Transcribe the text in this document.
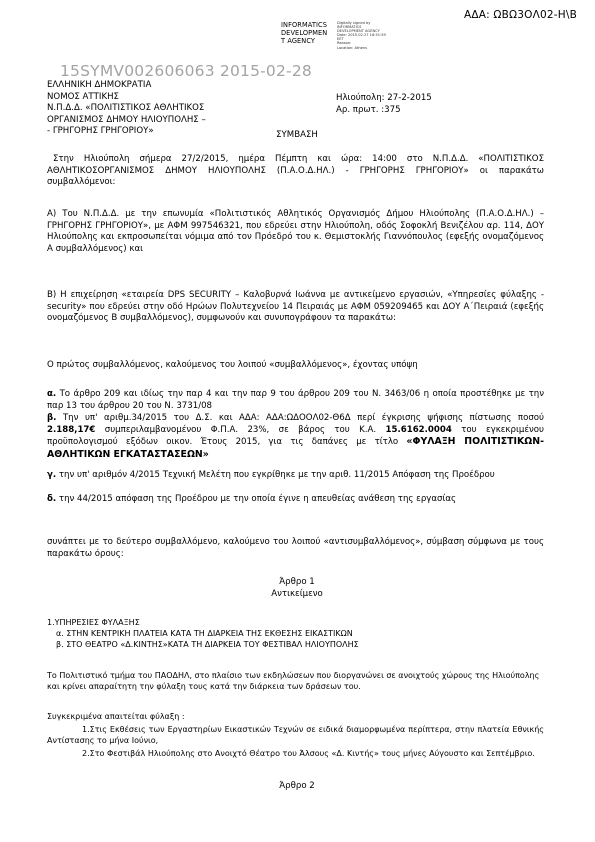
ΑΔΑ: ΩΒΩ3ΟΛ02-Η\Β
INFORMATICS
DEVELOPMEN
T AGENCY
Digitally signed by
INFORMATICS
DEVELOPMENT AGENCY
Date: 2015.02.27 16:51:59
EET
Reason:
Location: Athens
ΕΛΛΗΝΙΚΗ ΔΗΜΟΚΡΑΤΙΑ
ΝΟΜΟΣ ΑΤΤΙΚΗΣ
Ν.Π.Δ.Δ. «ΠΟΛΙΤΙΣΤΙΚΟΣ ΑΘΛΗΤΙΚΟΣ
ΟΡΓΑΝΙΣΜΟΣ ΔΗΜΟΥ ΗΛΙΟΥΠΟΛΗΣ –
- ΓΡΗΓΟΡΗΣ ΓΡΗΓΟΡΙΟΥ»
15SYMV002606063 2015-02-28
Ηλιούπολη: 27-2-2015
Αρ. πρωτ. :375
ΣΥΜΒΑΣΗ
Στην Ηλιούπολη σήμερα 27/2/2015, ημέρα Πέμπτη και ώρα: 14:00 στο Ν.Π.Δ.Δ. «ΠΟΛΙΤΙΣΤΙΚΟΣ ΑΘΛΗΤΙΚΟΣΟΡΓΑΝΙΣΜΟΣ ΔΗΜΟΥ ΗΛΙΟΥΠΟΛΗΣ (Π.Α.Ο.Δ.ΗΛ.) - ΓΡΗΓΟΡΗΣ ΓΡΗΓΟΡΙΟΥ» οι παρακάτω συμβαλλόμενοι:
Α) Του Ν.Π.Δ.Δ. με την επωνυμία «Πολιτιστικός Αθλητικός Οργανισμός Δήμου Ηλιούπολης (Π.Α.Ο.Δ.ΗΛ.) – ΓΡΗΓΟΡΗΣ ΓΡΗΓΟΡΙΟΥ», με ΑΦΜ 997546321, που εδρεύει στην Ηλιούπολη, οδός Σοφοκλή Βενιζέλου αρ. 114, ΔΟΥ Ηλιούπολης και εκπροσωπείται νόμιμα από τον Πρόεδρό του κ. Θεμιστοκλής Γιαννόπουλος (εφεξής ονομαζόμενος Α συμβαλλόμενος) και
Β) Η επιχείρηση «εταιρεία DPS SECURITY – Καλοβυρνά Ιωάννα με αντικείμενο εργασιών, «Υπηρεσίες φύλαξης -security» που εδρεύει στην οδό Ηρώων Πολυτεχνείου 14 Πειραιάς με ΑΦΜ 059209465 και ΔΟΥ Α΄Πειραιά (εφεξής ονομαζόμενος Β συμβαλλόμενος), συμφωνούν και συνυπογράφουν τα παρακάτω:
Ο πρώτος συμβαλλόμενος, καλούμενος του λοιπού «συμβαλλόμενος», έχοντας υπόψη
α. Το άρθρο 209 και ιδίως την παρ 4 και την παρ 9 του άρθρου 209 του Ν. 3463/06 η οποία προστέθηκε με την παρ 13 του άρθρου 20 του Ν. 3731/08
β. Την υπ' αριθμ.34/2015 του Δ.Σ. και ΑΔΑ: ΑΔΑ:ΩΔΟΟΛ02-Θ6Δ περί έγκρισης ψήφισης πίστωσης ποσού 2.188,17€ συμπεριλαμβανομένου Φ.Π.Α. 23%, σε βάρος του Κ.Α. 15.6162.0004 του εγκεκριμένου προϋπολογισμού εξόδων οικον. Έτους 2015, για τις δαπάνες με τίτλο «ΦΥΛΑΞΗ ΠΟΛΙΤΙΣΤΙΚΩΝ-ΑΘΛΗΤΙΚΩΝ ΕΓΚΑΤΑΣΤΑΣΕΩΝ»
γ. την υπ' αριθμόν 4/2015 Τεχνική Μελέτη που εγκρίθηκε με την αριθ. 11/2015 Απόφαση της Προέδρου
δ. την 44/2015 απόφαση της Προέδρου με την οποία έγινε η απευθείας ανάθεση της εργασίας
συνάπτει με το δεύτερο συμβαλλόμενο, καλούμενο του λοιπού «αντισυμβαλλόμενος», σύμβαση σύμφωνα με τους παρακάτω όρους:
Άρθρο 1
Αντικείμενο
1.ΥΠΗΡΕΣΙΕΣ ΦΥΛΑΞΗΣ
α. ΣΤΗΝ ΚΕΝΤΡΙΚΗ ΠΛΑΤΕΙΑ ΚΑΤΑ ΤΗ ΔΙΑΡΚΕΙΑ ΤΗΣ ΕΚΘΕΣΗΣ ΕΙΚΑΣΤΙΚΩΝ
β. ΣΤΟ ΘΕΑΤΡΟ «Δ.ΚΙΝΤΗΣ»ΚΑΤΑ ΤΗ ΔΙΑΡΚΕΙΑ ΤΟΥ ΦΕΣΤΙΒΑΛ ΗΛΙΟΥΠΟΛΗΣ
Το Πολιτιστικό τμήμα του ΠΑΟΔΗΛ, στο πλαίσιο των εκδηλώσεων που διοργανώνει σε ανοιχτούς χώρους της Ηλιούπολης και κρίνει απαραίτητη την φύλαξη τους κατά την διάρκεια των δράσεων του.
Συγκεκριμένα απαιτείται φύλαξη :
1.Στις Εκθέσεις των Εργαστηρίων Εικαστικών Τεχνών σε ειδικά διαμορφωμένα περίπτερα, στην πλατεία Εθνικής Αντίστασης το μήνα Ιούνιο,
2.Στο Φεστιβάλ Ηλιούπολης στο Ανοιχτό Θέατρο του Άλσους «Δ. Κιντής» τους μήνες Αύγουστο και Σεπτέμβριο.
Άρθρο 2
